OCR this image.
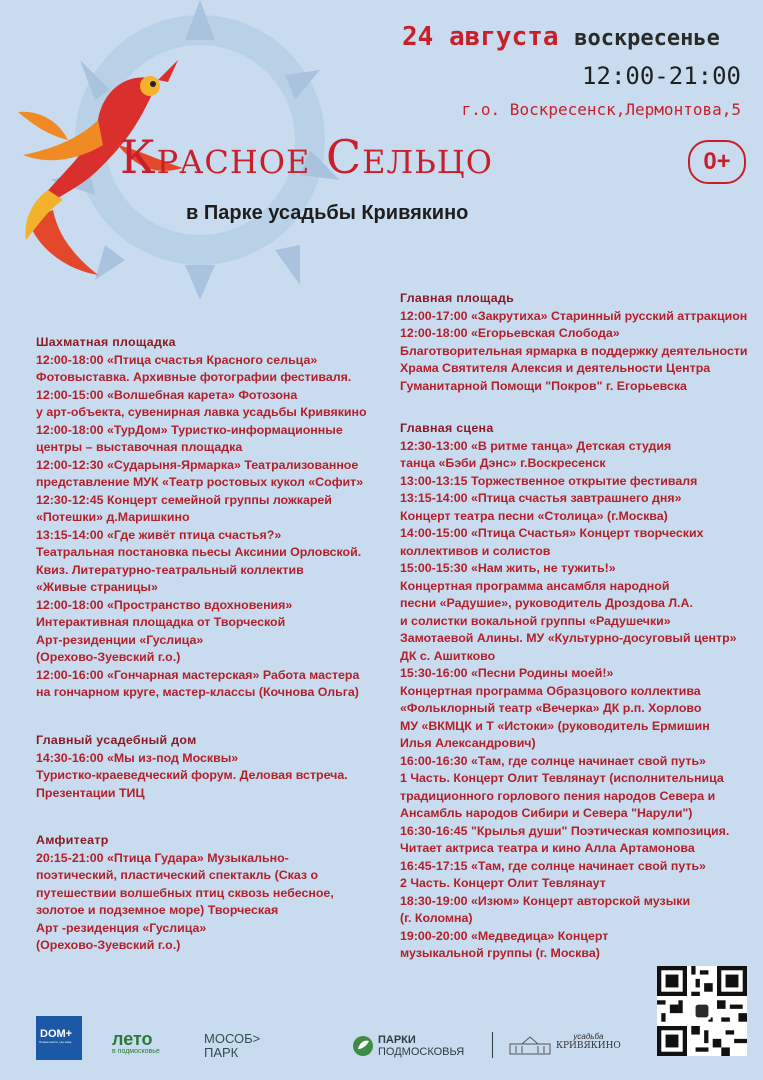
24 августа воскресенье
12:00-21:00
г.о. Воскресенск,Лермонтова,5
Красное Сельцо
в Парке усадьбы Кривякино
0+
Шахматная площадка
12:00-18:00 «Птица счастья Красного сельца»
Фотовыставка. Архивные фотографии фестиваля.
12:00-15:00 «Волшебная карета» Фотозона
у арт-объекта, сувенирная лавка усадьбы Кривякино
12:00-18:00 «ТурДом» Туристко-информационные
центры – выставочная площадка
12:00-12:30 «Сударыня-Ярмарка» Театрализованное
представление МУК «Театр ростовых кукол «Софит»
12:30-12:45 Концерт семейной группы ложкарей
«Потешки» д.Маришкино
13:15-14:00 «Где живёт птица счастья?»
Театральная постановка пьесы Аксинии Орловской.
Квиз. Литературно-театральный коллектив
«Живые страницы»
12:00-18:00 «Пространство вдохновения»
Интерактивная площадка от Творческой
Арт-резиденции «Гуслица»
(Орехово-Зуевский г.о.)
12:00-16:00 «Гончарная мастерская» Работа мастера
на гончарном круге, мастер-классы (Кочнова Ольга)
Главный усадебный дом
14:30-16:00 «Мы из-под Москвы»
Туристко-краеведческий форум. Деловая встреча.
Презентации ТИЦ
Амфитеатр
20:15-21:00 «Птица Гудара» Музыкально-
поэтический, пластический спектакль (Сказ о
путешествии волшебных птиц сквозь небесное,
золотое и подземное море) Творческая
Арт -резиденция «Гуслица»
(Орехово-Зуевский г.о.)
Главная площадь
12:00-17:00 «Закрутиха» Старинный русский аттракцион
12:00-18:00 «Егорьевская Слобода»
Благотворительная ярмарка в поддержку деятельности
Храма Святителя Алексия и деятельности Центра
Гуманитарной Помощи "Покров" г. Егорьевска
Главная сцена
12:30-13:00 «В ритме танца» Детская студия
танца «Бэби Дэнс» г.Воскресенск
13:00-13:15 Торжественное открытие фестиваля
13:15-14:00 «Птица счастья завтрашнего дня»
Концерт театра песни «Столица» (г.Москва)
14:00-15:00 «Птица Счастья» Концерт творческих
коллективов и солистов
15:00-15:30 «Нам жить, не тужить!»
Концертная программа ансамбля народной
песни «Радушие», руководитель Дроздова Л.А.
и солистки вокальной группы «Радушечки»
Замотаевой Алины. МУ «Культурно-досуговый центр»
ДК с. Ашитково
15:30-16:00 «Песни Родины моей!»
Концертная программа Образцового коллектива
«Фольклорный театр «Вечерка» ДК р.п. Хорлово
МУ «ВКМЦК и Т «Истоки» (руководитель Ермишин
Илья Александрович)
16:00-16:30 «Там, где солнце начинает свой путь»
1 Часть. Концерт Олит Тевлянаут (исполнительница
традиционного горлового пения народов Севера и
Ансамбль народов Сибири и Севера "Нарули")
16:30-16:45 "Крылья души" Поэтическая композиция.
Читает актриса театра и кино Алла Артамонова
16:45-17:15 «Там, где солнце начинает свой путь»
2 Часть. Концерт Олит Тевлянаут
18:30-19:00 «Изюм» Концерт авторской музыки
(г. Коломна)
19:00-20:00 «Медведица» Концерт
музыкальной группы (г. Москва)
DOM+
Помню место, где живу	лето
в подмосковье
МОСОБ>
ПАРК
ПАРКИ
ПОДМОСКОВЬЯ
усадьба
КРИВЯКИНО
